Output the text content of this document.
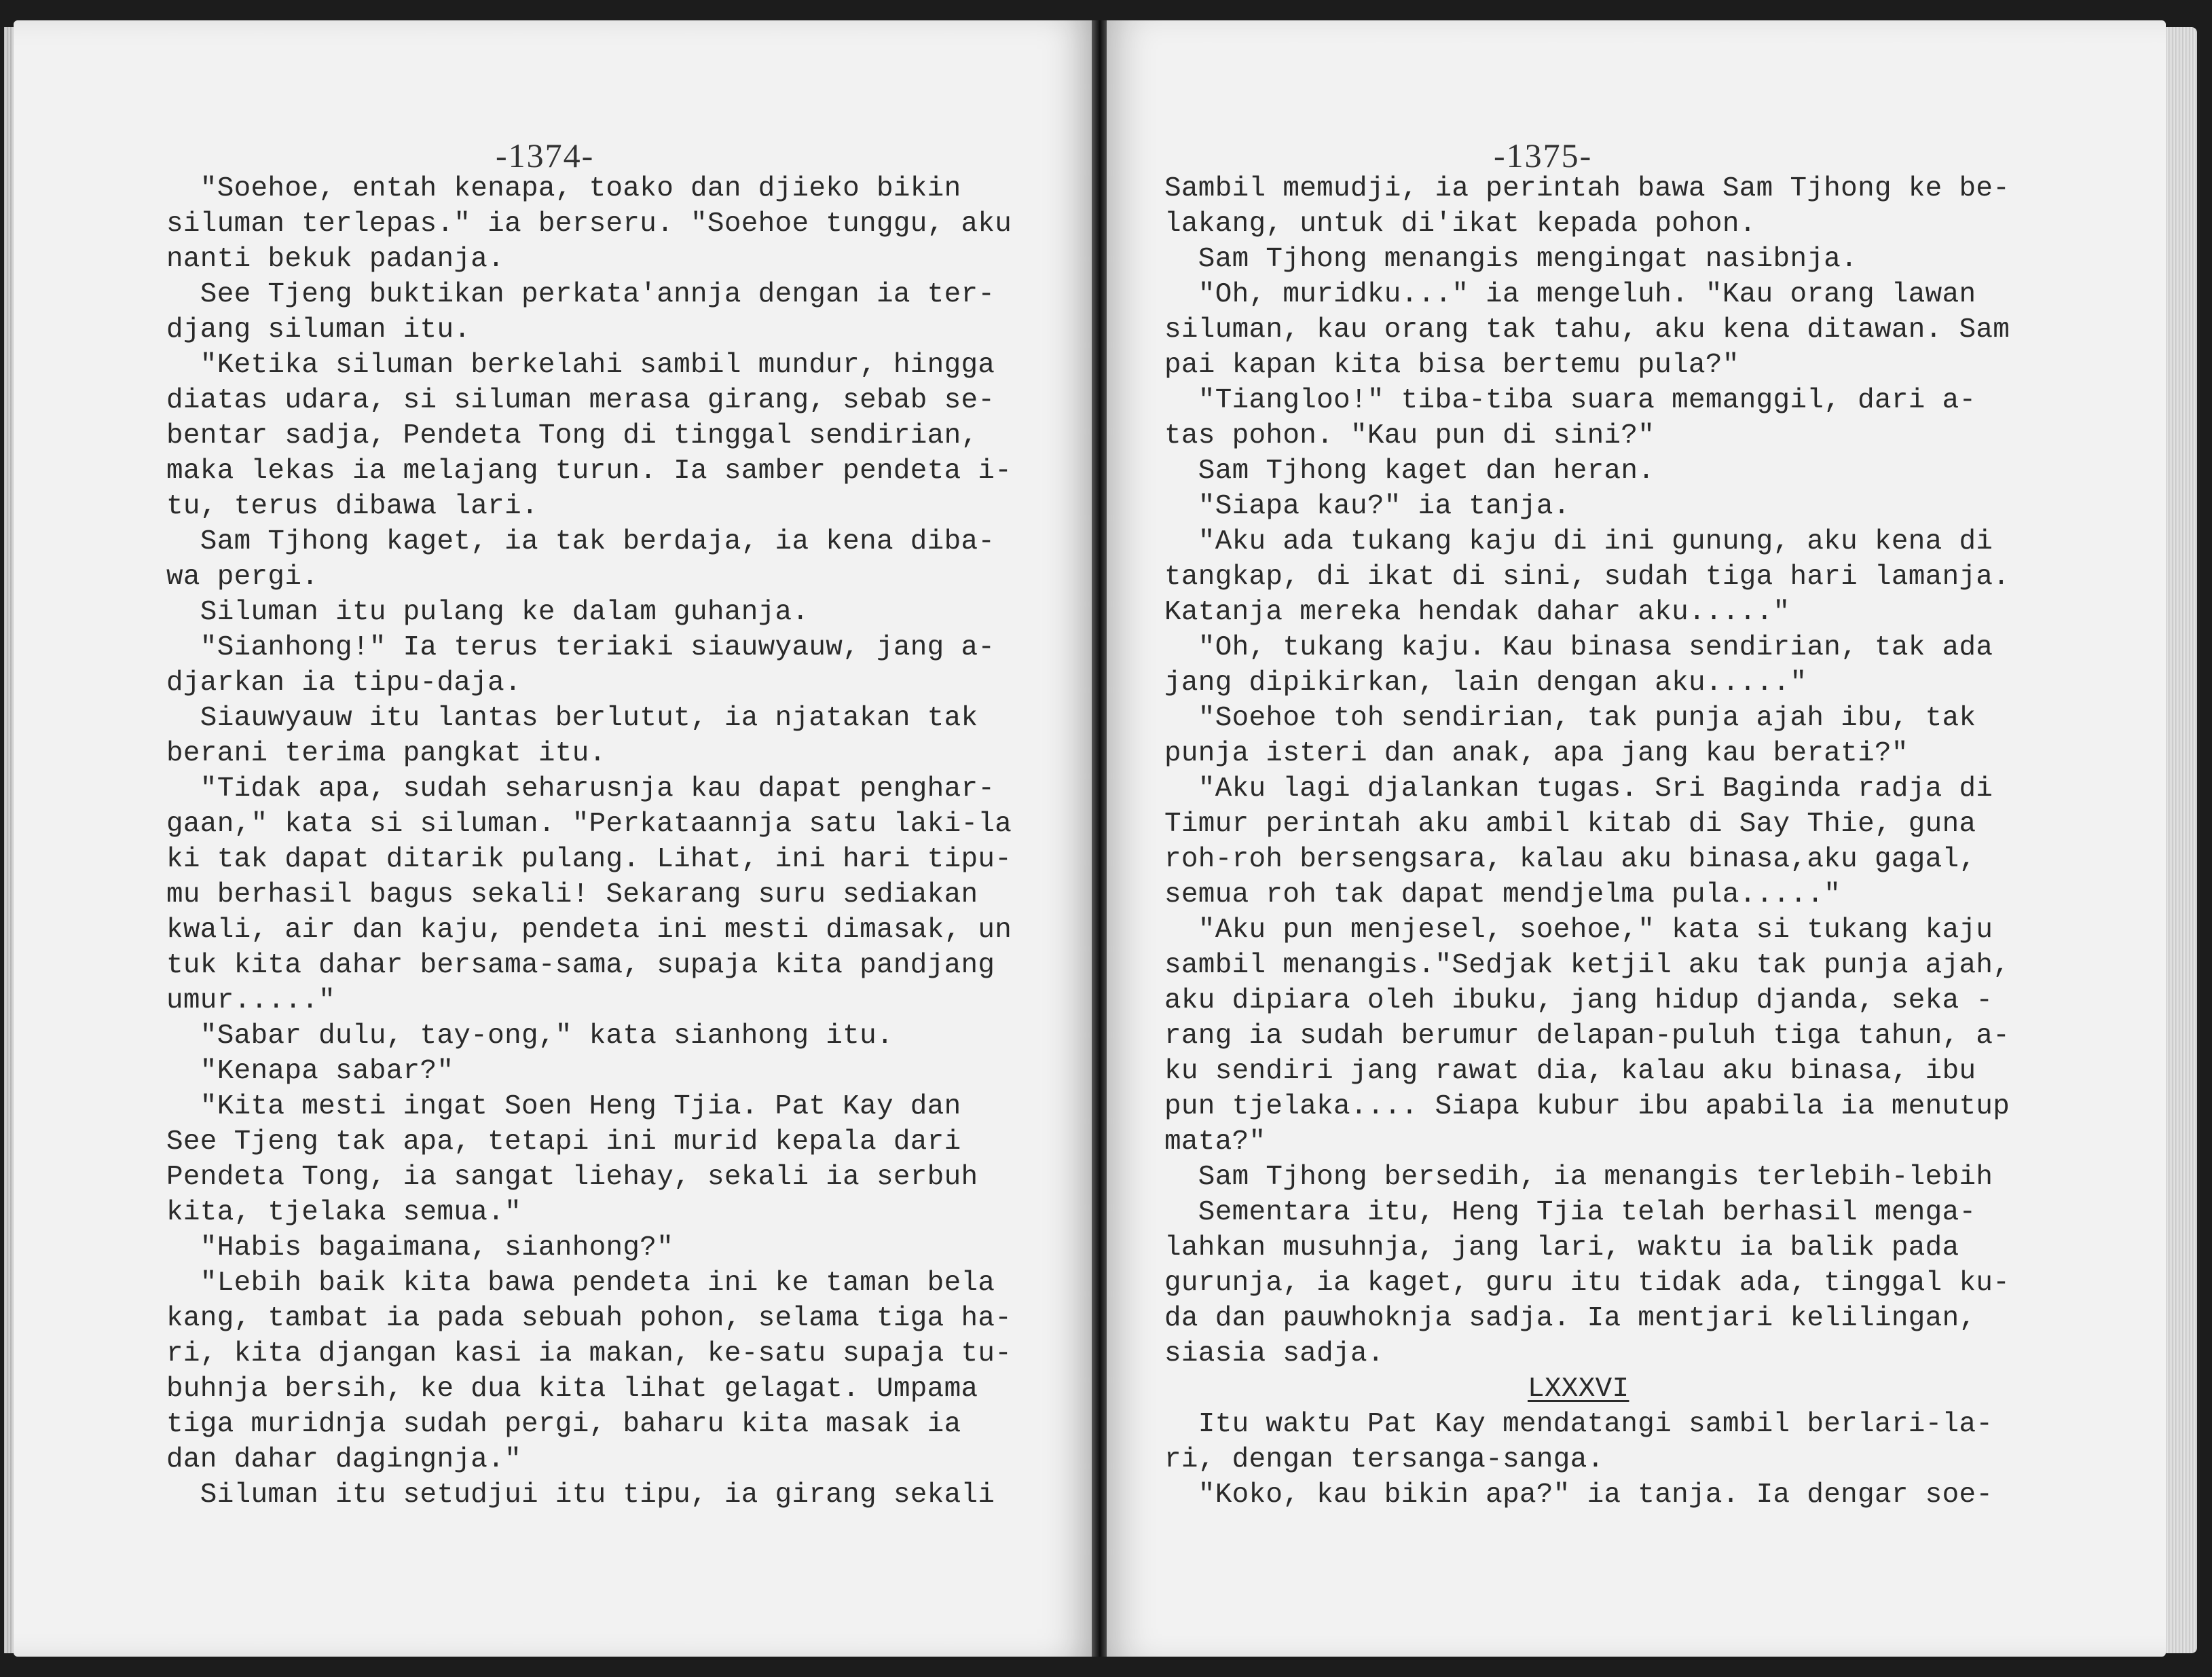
-1374-
"Soehoe, entah kenapa, toako dan djieko bikin
siluman terlepas." ia berseru. "Soehoe tunggu, aku
nanti bekuk padanja.
See Tjeng buktikan perkata'annja dengan ia ter-
djang siluman itu.
"Ketika siluman berkelahi sambil mundur, hingga
diatas udara, si siluman merasa girang, sebab se-
bentar sadja, Pendeta Tong di tinggal sendirian,
maka lekas ia melajang turun. Ia samber pendeta i-
tu, terus dibawa lari.
Sam Tjhong kaget, ia tak berdaja, ia kena diba-
wa pergi.
Siluman itu pulang ke dalam guhanja.
"Sianhong!" Ia terus teriaki siauwyauw, jang a-
djarkan ia tipu-daja.
Siauwyauw itu lantas berlutut, ia njatakan tak
berani terima pangkat itu.
"Tidak apa, sudah seharusnja kau dapat penghar-
gaan," kata si siluman. "Perkataannja satu laki-la
ki tak dapat ditarik pulang. Lihat, ini hari tipu-
mu berhasil bagus sekali! Sekarang suru sediakan
kwali, air dan kaju, pendeta ini mesti dimasak, un
tuk kita dahar bersama-sama, supaja kita pandjang
umur....."
"Sabar dulu, tay-ong," kata sianhong itu.
"Kenapa sabar?"
"Kita mesti ingat Soen Heng Tjia. Pat Kay dan
See Tjeng tak apa, tetapi ini murid kepala dari
Pendeta Tong, ia sangat liehay, sekali ia serbuh
kita, tjelaka semua."
"Habis bagaimana, sianhong?"
"Lebih baik kita bawa pendeta ini ke taman bela
kang, tambat ia pada sebuah pohon, selama tiga ha-
ri, kita djangan kasi ia makan, ke-satu supaja tu-
buhnja bersih, ke dua kita lihat gelagat. Umpama
tiga muridnja sudah pergi, baharu kita masak ia
dan dahar dagingnja."
Siluman itu setudjui itu tipu, ia girang sekali
-1375-
Sambil memudji, ia perintah bawa Sam Tjhong ke be-
lakang, untuk di'ikat kepada pohon.
Sam Tjhong menangis mengingat nasibnja.
"Oh, muridku..." ia mengeluh. "Kau orang lawan
siluman, kau orang tak tahu, aku kena ditawan. Sam
pai kapan kita bisa bertemu pula?"
"Tiangloo!" tiba-tiba suara memanggil, dari a-
tas pohon. "Kau pun di sini?"
Sam Tjhong kaget dan heran.
"Siapa kau?" ia tanja.
"Aku ada tukang kaju di ini gunung, aku kena di
tangkap, di ikat di sini, sudah tiga hari lamanja.
Katanja mereka hendak dahar aku....."
"Oh, tukang kaju. Kau binasa sendirian, tak ada
jang dipikirkan, lain dengan aku....."
"Soehoe toh sendirian, tak punja ajah ibu, tak
punja isteri dan anak, apa jang kau berati?"
"Aku lagi djalankan tugas. Sri Baginda radja di
Timur perintah aku ambil kitab di Say Thie, guna
roh-roh bersengsara, kalau aku binasa,aku gagal,
semua roh tak dapat mendjelma pula....."
"Aku pun menjesel, soehoe," kata si tukang kaju
sambil menangis."Sedjak ketjil aku tak punja ajah,
aku dipiara oleh ibuku, jang hidup djanda, seka -
rang ia sudah berumur delapan-puluh tiga tahun, a-
ku sendiri jang rawat dia, kalau aku binasa, ibu
pun tjelaka.... Siapa kubur ibu apabila ia menutup
mata?"
Sam Tjhong bersedih, ia menangis terlebih-lebih
Sementara itu, Heng Tjia telah berhasil menga-
lahkan musuhnja, jang lari, waktu ia balik pada
gurunja, ia kaget, guru itu tidak ada, tinggal ku-
da dan pauwhoknja sadja. Ia mentjari kelilingan,
siasia sadja.
LXXXVI
Itu waktu Pat Kay mendatangi sambil berlari-la-
ri, dengan tersanga-sanga.
"Koko, kau bikin apa?" ia tanja. Ia dengar soe-
